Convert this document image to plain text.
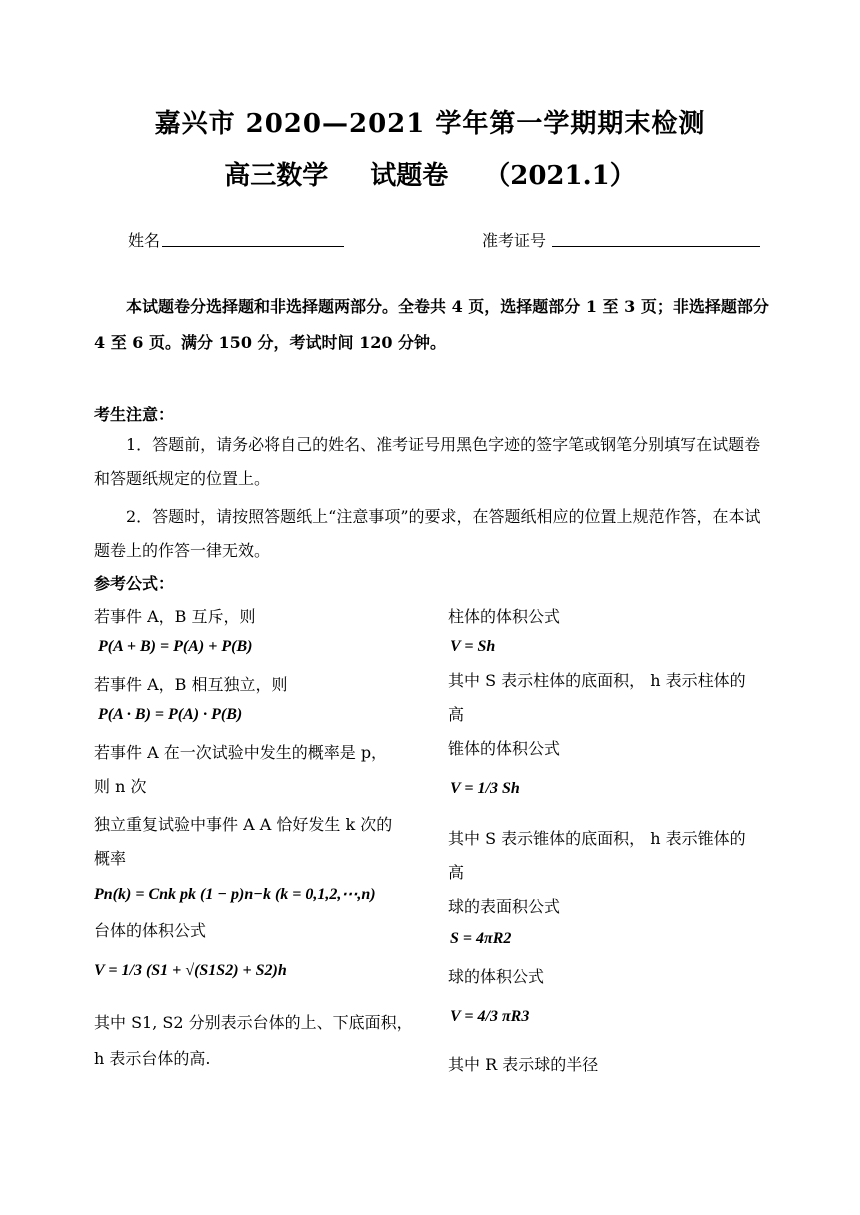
嘉兴市 2020—2021 学年第一学期期末检测
高三数学 试题卷 （2021.1）
姓名	准考证号
本试题卷分选择题和非选择题两部分。全卷共 4 页，选择题部分 1 至 3 页；非选择题部分 4 至 6 页。满分 150 分，考试时间 120 分钟。
考生注意：
1．答题前，请务必将自己的姓名、准考证号用黑色字迹的签字笔或钢笔分别填写在试题卷和答题纸规定的位置上。
2．答题时，请按照答题纸上“注意事项”的要求，在答题纸相应的位置上规范作答，在本试题卷上的作答一律无效。
参考公式：
若事件 A，B 互斥，则
P(A + B) = P(A) + P(B)
若事件 A，B 相互独立，则
P(A · B) = P(A) · P(B)
若事件 A 在一次试验中发生的概率是 p，
则 n 次
独立重复试验中事件 A A 恰好发生 k 次的
概率
Pn(k) = Cnk pk (1 − p)n−k (k = 0,1,2,⋯,n)
台体的体积公式
V = 1/3 (S1 + √(S1S2) + S2)h
其中 S1, S2 分别表示台体的上、下底面积，
h 表示台体的高.
柱体的体积公式
V = Sh
其中 S 表示柱体的底面积， h 表示柱体的
高
锥体的体积公式
V = 1/3 Sh
其中 S 表示锥体的底面积， h 表示锥体的
高
球的表面积公式
S = 4πR2
球的体积公式
V = 4/3 πR3
其中 R 表示球的半径
